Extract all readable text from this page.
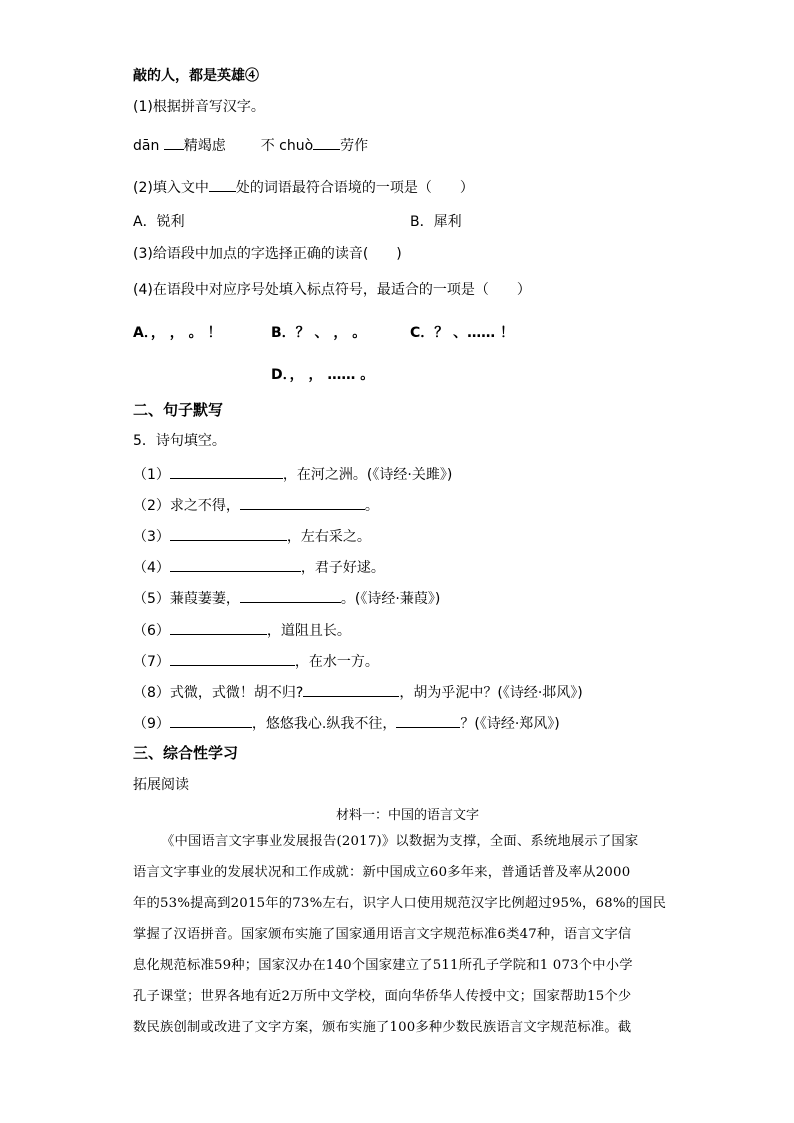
敲的人，都是英雄④
(1)根据拼音写汉字。
dān 精竭虑 不 chuò 劳作
(2)填入文中 处的词语最符合语境的一项是（　　）
A．锐利	B．犀利
(3)给语段中加点的字选择正确的读音(　　)
(4)在语段中对应序号处填入标点符号，最适合的一项是（　　）
A．， ， 。 ！	B．？ 、 ， 。	C．？ 、…… ！
D．， ， …… 。
二、句子默写
5．诗句填空。
（1）	，在河之洲。(《诗经·关雎》)
（2）求之不得，	。
（3）	，左右采之。
（4）	，君子好逑。
（5）蒹葭萋萋，	。(《诗经·蒹葭》)
（6）	，道阻且长。
（7）	，在水一方。
（8）式微，式微！胡不归?	，胡为乎泥中？(《诗经·邶风》)
（9）	，悠悠我心.纵我不往，	？(《诗经·郑风》)
三、综合性学习
拓展阅读
材料一：中国的语言文字
《中国语言文字事业发展报告(2017)》以数据为支撑，全面、系统地展示了国家
语言文字事业的发展状况和工作成就：新中国成立60多年来，普通话普及率从2000
年的53%提高到2015年的73%左右，识字人口使用规范汉字比例超过95%，68%的国民
掌握了汉语拼音。国家颁布实施了国家通用语言文字规范标准6类47种，语言文字信
息化规范标准59种；国家汉办在140个国家建立了511所孔子学院和1 073个中小学
孔子课堂；世界各地有近2万所中文学校，面向华侨华人传授中文；国家帮助15个少
数民族创制或改进了文字方案，颁布实施了100多种少数民族语言文字规范标准。截
